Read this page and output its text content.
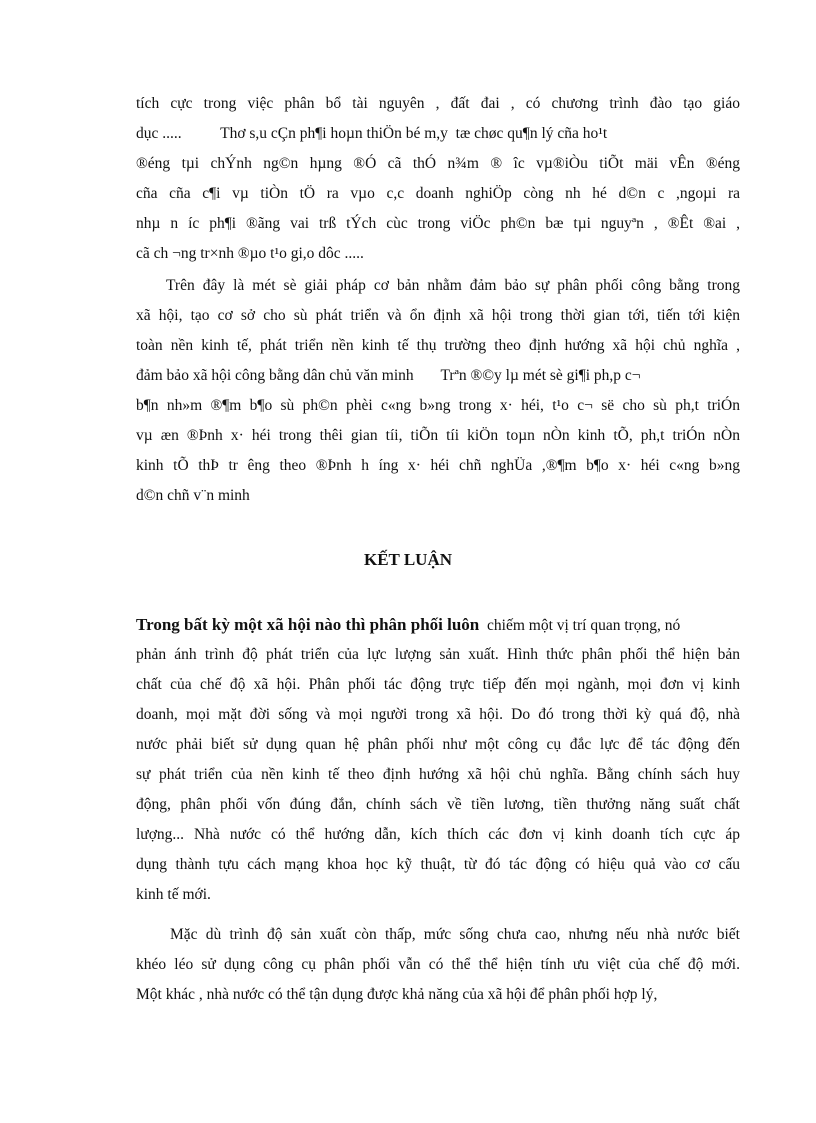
tích cực trong việc phân bổ tài nguyên , đất đai , có chương trình đào tạo giáo
dục .....          Thơ s,u cÇn ph¶i hoµn thiÖn bé m,y  tæ chøc qu¶n lý cña ho¹t
®éng tµi chÝnh ng©n hµng ®Ó cã thÓ n¾m ® îc vµ®iÒu tiÕt mäi vÊn ®éng
cña cña c¶i vµ tiÒn tÖ ra vµo c,c doanh nghiÖp còng nh hé d©n c ,ngoµi ra
nhµ n íc ph¶i ®ãng vai trß tÝch cùc trong viÖc ph©n bæ tµi nguyªn , ®Êt ®ai ,
cã ch ¬ng tr×nh ®µo t¹o gi,o dôc .....
Trên đây là mét sè giải pháp cơ bản nhằm đảm bảo sự phân phối công bằng trong
xã hội, tạo cơ sở cho sù phát triển và ổn định xã hội trong thời gian tới, tiến tới kiện
toàn nền kinh tế, phát triển nền kinh tế thụ trường theo định hướng xã hội chủ nghĩa ,
đảm bảo xã hội công bằng dân chủ văn minh       Trªn ®©y lµ mét sè gi¶i ph,p c¬
b¶n nh»m ®¶m b¶o sù ph©n phèi c«ng b»ng trong x· héi, t¹o c¬ së cho sù ph,t triÓn
vµ æn ®Þnh x· héi trong thêi gian tíi, tiÕn tíi kiÖn toµn nÒn kinh tÕ, ph,t triÓn nÒn
kinh tÕ thÞ tr êng theo ®Þnh h íng x· héi chñ nghÜa ,®¶m b¶o x· héi c«ng b»ng
d©n chñ v¨n minh
KẾT LUẬN
Trong bất kỳ một xã hội nào thì phân phối luôn  chiếm một vị trí quan trọng, nó
phản ánh trình độ phát triển của lực lượng sản xuất. Hình thức phân phối thể hiện bản
chất của chế độ xã hội. Phân phối tác động trực tiếp đến mọi ngành, mọi đơn vị kinh
doanh, mọi mặt đời sống và mọi người trong xã hội. Do đó trong thời kỳ quá độ, nhà
nước phải biết sử dụng quan hệ phân phối như một công cụ đắc lực để tác động đến
sự phát triển của nền kinh tế theo định hướng xã hội chủ nghĩa. Bằng chính sách huy
động, phân phối vốn đúng đắn, chính sách về tiền lương, tiền thưởng năng suất chất
lượng... Nhà nước có thể hướng dẫn, kích thích các đơn vị kinh doanh tích cực áp
dụng thành tựu cách mạng khoa học kỹ thuật, từ đó tác động có hiệu quả vào cơ cấu
kinh tế mới.
Mặc dù trình độ sản xuất còn thấp, mức sống chưa cao, nhưng nếu nhà nước biết
khéo léo sử dụng công cụ phân phối vẫn có thể thể hiện tính ưu việt của chế độ mới.
Một khác , nhà nước có thể tận dụng được khả năng của xã hội để phân phối hợp lý,
